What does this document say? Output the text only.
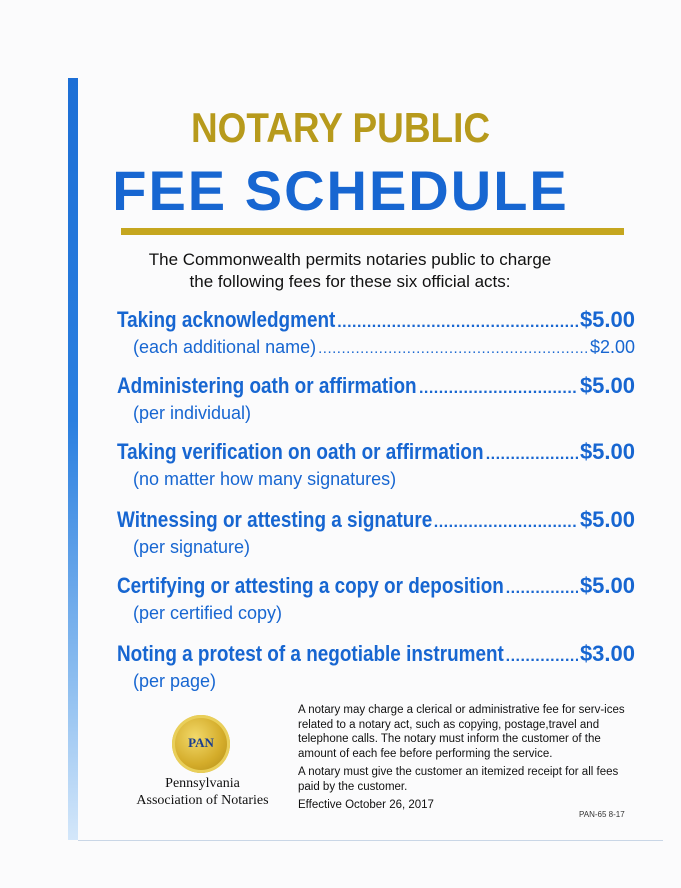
NOTARY PUBLIC
FEE SCHEDULE
The Commonwealth permits notaries public to charge
the following fees for these six official acts:
Taking acknowledgment .....	$5.00
(each additional name) .....	$2.00
Administering oath or affirmation .....	$5.00
(per individual)
Taking verification on oath or affirmation .....	$5.00
(no matter how many signatures)
Witnessing or attesting a signature .....	$5.00
(per signature)
Certifying or attesting a copy or deposition .....	$5.00
(per certified copy)
Noting a protest of a negotiable instrument .....	$3.00
(per page)
PAN
Pennsylvania
Association of Notaries

A notary may charge a clerical or administrative fee for serv-ices related to a notary act, such as copying, postage,travel and telephone calls. The notary must inform the customer of the amount of each fee before performing the service.

A notary must give the customer an itemized receipt for all fees paid by the customer.

Effective October 26, 2017

PAN-65 8-17
